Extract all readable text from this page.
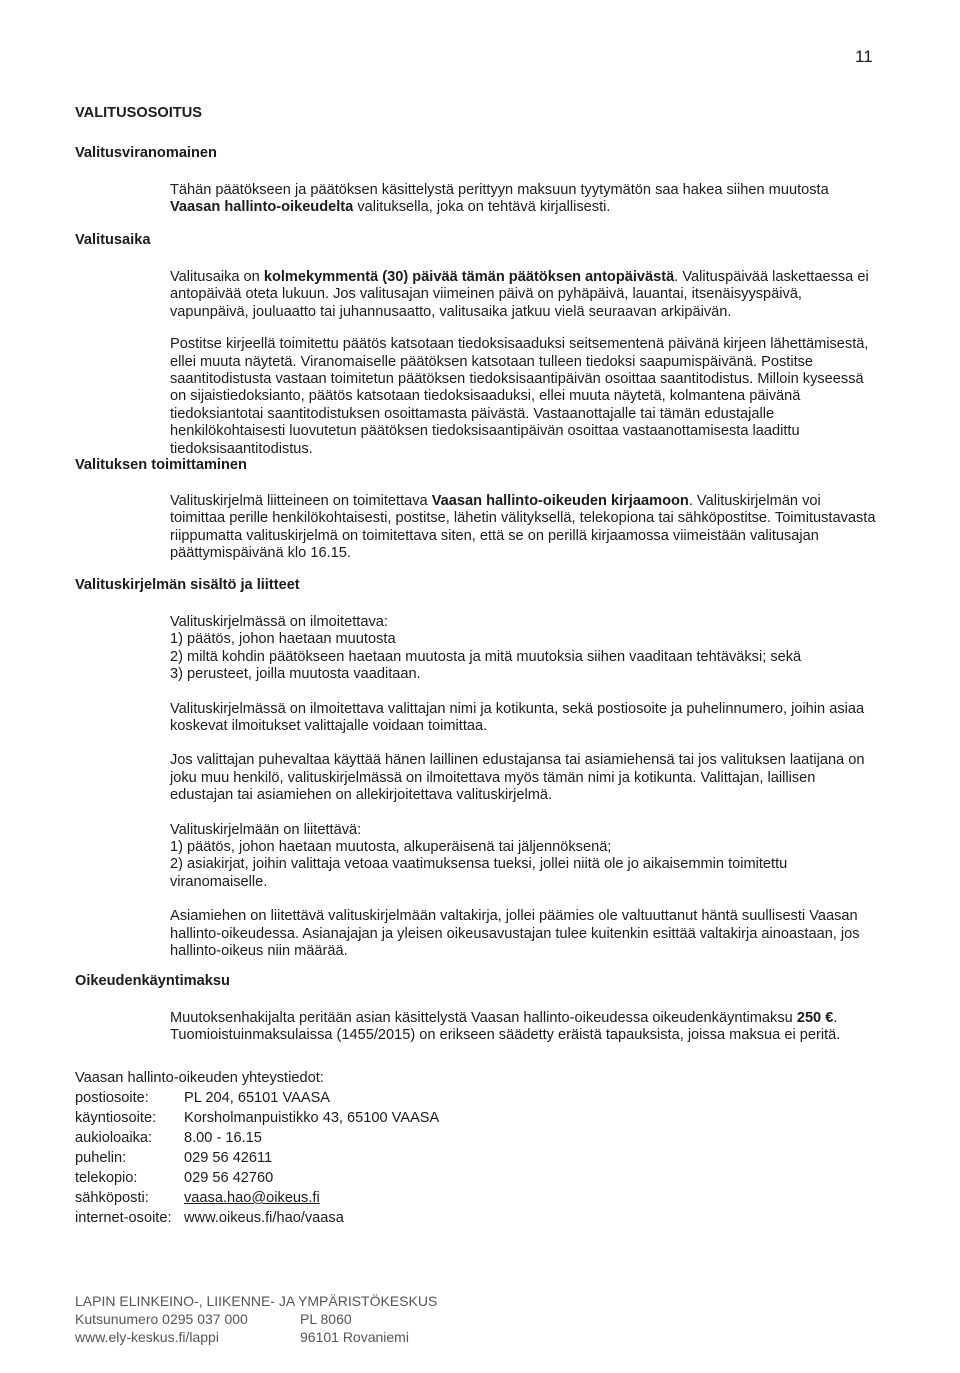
11
VALITUSOSOITUS
Valitusviranomainen

Tähän päätökseen ja päätöksen käsittelystä perittyyn maksuun tyytymätön saa hakea siihen muutosta Vaasan hallinto-oikeudelta valituksella, joka on tehtävä kirjallisesti.

Valitusaika

Valitusaika on kolmekymmentä (30) päivää tämän päätöksen antopäivästä. Valituspäivää laskettaessa ei antopäivää oteta lukuun. Jos valitusajan viimeinen päivä on pyhäpäivä, lauantai, itsenäisyyspäivä, vapunpäivä, jouluaatto tai juhannusaatto, valitusaika jatkuu vielä seuraavan arkipäivän.

Postitse kirjeellä toimitettu päätös katsotaan tiedoksisaaduksi seitsementenä päivänä kirjeen lähettämisestä, ellei muuta näytetä. Viranomaiselle päätöksen katsotaan tulleen tiedoksi saapumispäivänä. Postitse saantitodistusta vastaan toimitetun päätöksen tiedoksisaantipäivän osoittaa saantitodistus. Milloin kyseessä on sijaistiedoksianto, päätös katsotaan tiedoksisaaduksi, ellei muuta näytetä, kolmantena päivänä tiedoksiantotai saantitodistuksen osoittamasta päivästä. Vastaanottajalle tai tämän edustajalle henkilökohtaisesti luovutetun päätöksen tiedoksisaantipäivän osoittaa vastaanottamisesta laadittu tiedoksisaantitodistus.

Valituksen toimittaminen

Valituskirjelmä liitteineen on toimitettava Vaasan hallinto-oikeuden kirjaamoon. Valituskirjelmän voi toimittaa perille henkilökohtaisesti, postitse, lähetin välityksellä, telekopiona tai sähköpostitse. Toimitustavasta riippumatta valituskirjelmä on toimitettava siten, että se on perillä kirjaamossa viimeistään valitusajan päättymispäivänä klo 16.15.

Valituskirjelmän sisältö ja liitteet

Valituskirjelmässä on ilmoitettava:

1) päätös, johon haetaan muutosta

2) miltä kohdin päätökseen haetaan muutosta ja mitä muutoksia siihen vaaditaan tehtäväksi; sekä

3) perusteet, joilla muutosta vaaditaan.

Valituskirjelmässä on ilmoitettava valittajan nimi ja kotikunta, sekä postiosoite ja puhelinnumero, joihin asiaa koskevat ilmoitukset valittajalle voidaan toimittaa.

Jos valittajan puhevaltaa käyttää hänen laillinen edustajansa tai asiamiehensä tai jos valituksen laatijana on joku muu henkilö, valituskirjelmässä on ilmoitettava myös tämän nimi ja kotikunta. Valittajan, laillisen edustajan tai asiamiehen on allekirjoitettava valituskirjelmä.

Valituskirjelmään on liitettävä:

1) päätös, johon haetaan muutosta, alkuperäisenä tai jäljennöksenä;

2) asiakirjat, joihin valittaja vetoaa vaatimuksensa tueksi, jollei niitä ole jo aikaisemmin toimitettu viranomaiselle.

Asiamiehen on liitettävä valituskirjelmään valtakirja, jollei päämies ole valtuuttanut häntä suullisesti Vaasan hallinto-oikeudessa. Asianajajan ja yleisen oikeusavustajan tulee kuitenkin esittää valtakirja ainoastaan, jos hallinto-oikeus niin määrää.

Oikeudenkäyntimaksu

Muutoksenhakijalta peritään asian käsittelystä Vaasan hallinto-oikeudessa oikeudenkäyntimaksu 250 €. Tuomioistuinmaksulaissa (1455/2015) on erikseen säädetty eräistä tapauksista, joissa maksua ei peritä.

Vaasan hallinto-oikeuden yhteystiedot:
postiosoite:	PL 204, 65101 VAASA
käyntiosoite:	Korsholmanpuistikko 43, 65100 VAASA
aukioloaika:	8.00 - 16.15
puhelin:	029 56 42611
telekopio:	029 56 42760
sähköposti:	vaasa.hao@oikeus.fi
internet-osoite: www.oikeus.fi/hao/vaasa
LAPIN ELINKEINO-, LIIKENNE- JA YMPÄRISTÖKESKUS
Kutsunumero 0295 037 000	PL 8060
www.ely-keskus.fi/lappi	96101 Rovaniemi
